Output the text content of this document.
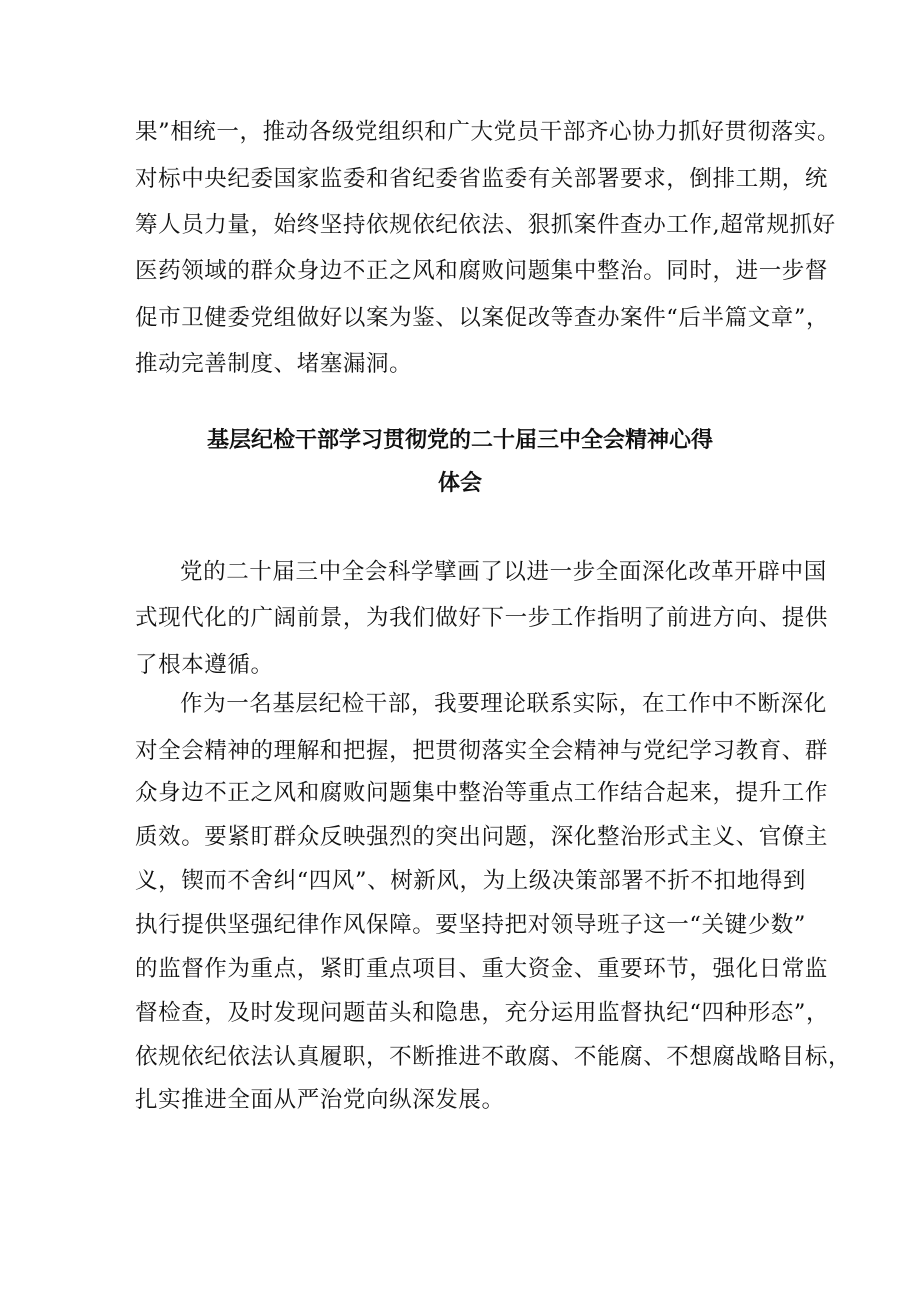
果”相统一，推动各级党组织和广大党员干部齐心协力抓好贯彻落实。
对标中央纪委国家监委和省纪委省监委有关部署要求，倒排工期，统
筹人员力量，始终坚持依规依纪依法、狠抓案件查办工作,超常规抓好
医药领域的群众身边不正之风和腐败问题集中整治。同时，进一步督
促市卫健委党组做好以案为鉴、以案促改等查办案件“后半篇文章”，
推动完善制度、堵塞漏洞。
基层纪检干部学习贯彻党的二十届三中全会精神心得
体会
党的二十届三中全会科学擘画了以进一步全面深化改革开辟中国
式现代化的广阔前景，为我们做好下一步工作指明了前进方向、提供
了根本遵循。
作为一名基层纪检干部，我要理论联系实际，在工作中不断深化
对全会精神的理解和把握，把贯彻落实全会精神与党纪学习教育、群
众身边不正之风和腐败问题集中整治等重点工作结合起来，提升工作
质效。要紧盯群众反映强烈的突出问题，深化整治形式主义、官僚主
义，锲而不舍纠“四风”、树新风，为上级决策部署不折不扣地得到
执行提供坚强纪律作风保障。要坚持把对领导班子这一“关键少数”
的监督作为重点，紧盯重点项目、重大资金、重要环节，强化日常监
督检查，及时发现问题苗头和隐患，充分运用监督执纪“四种形态”，
依规依纪依法认真履职，不断推进不敢腐、不能腐、不想腐战略目标，
扎实推进全面从严治党向纵深发展。
